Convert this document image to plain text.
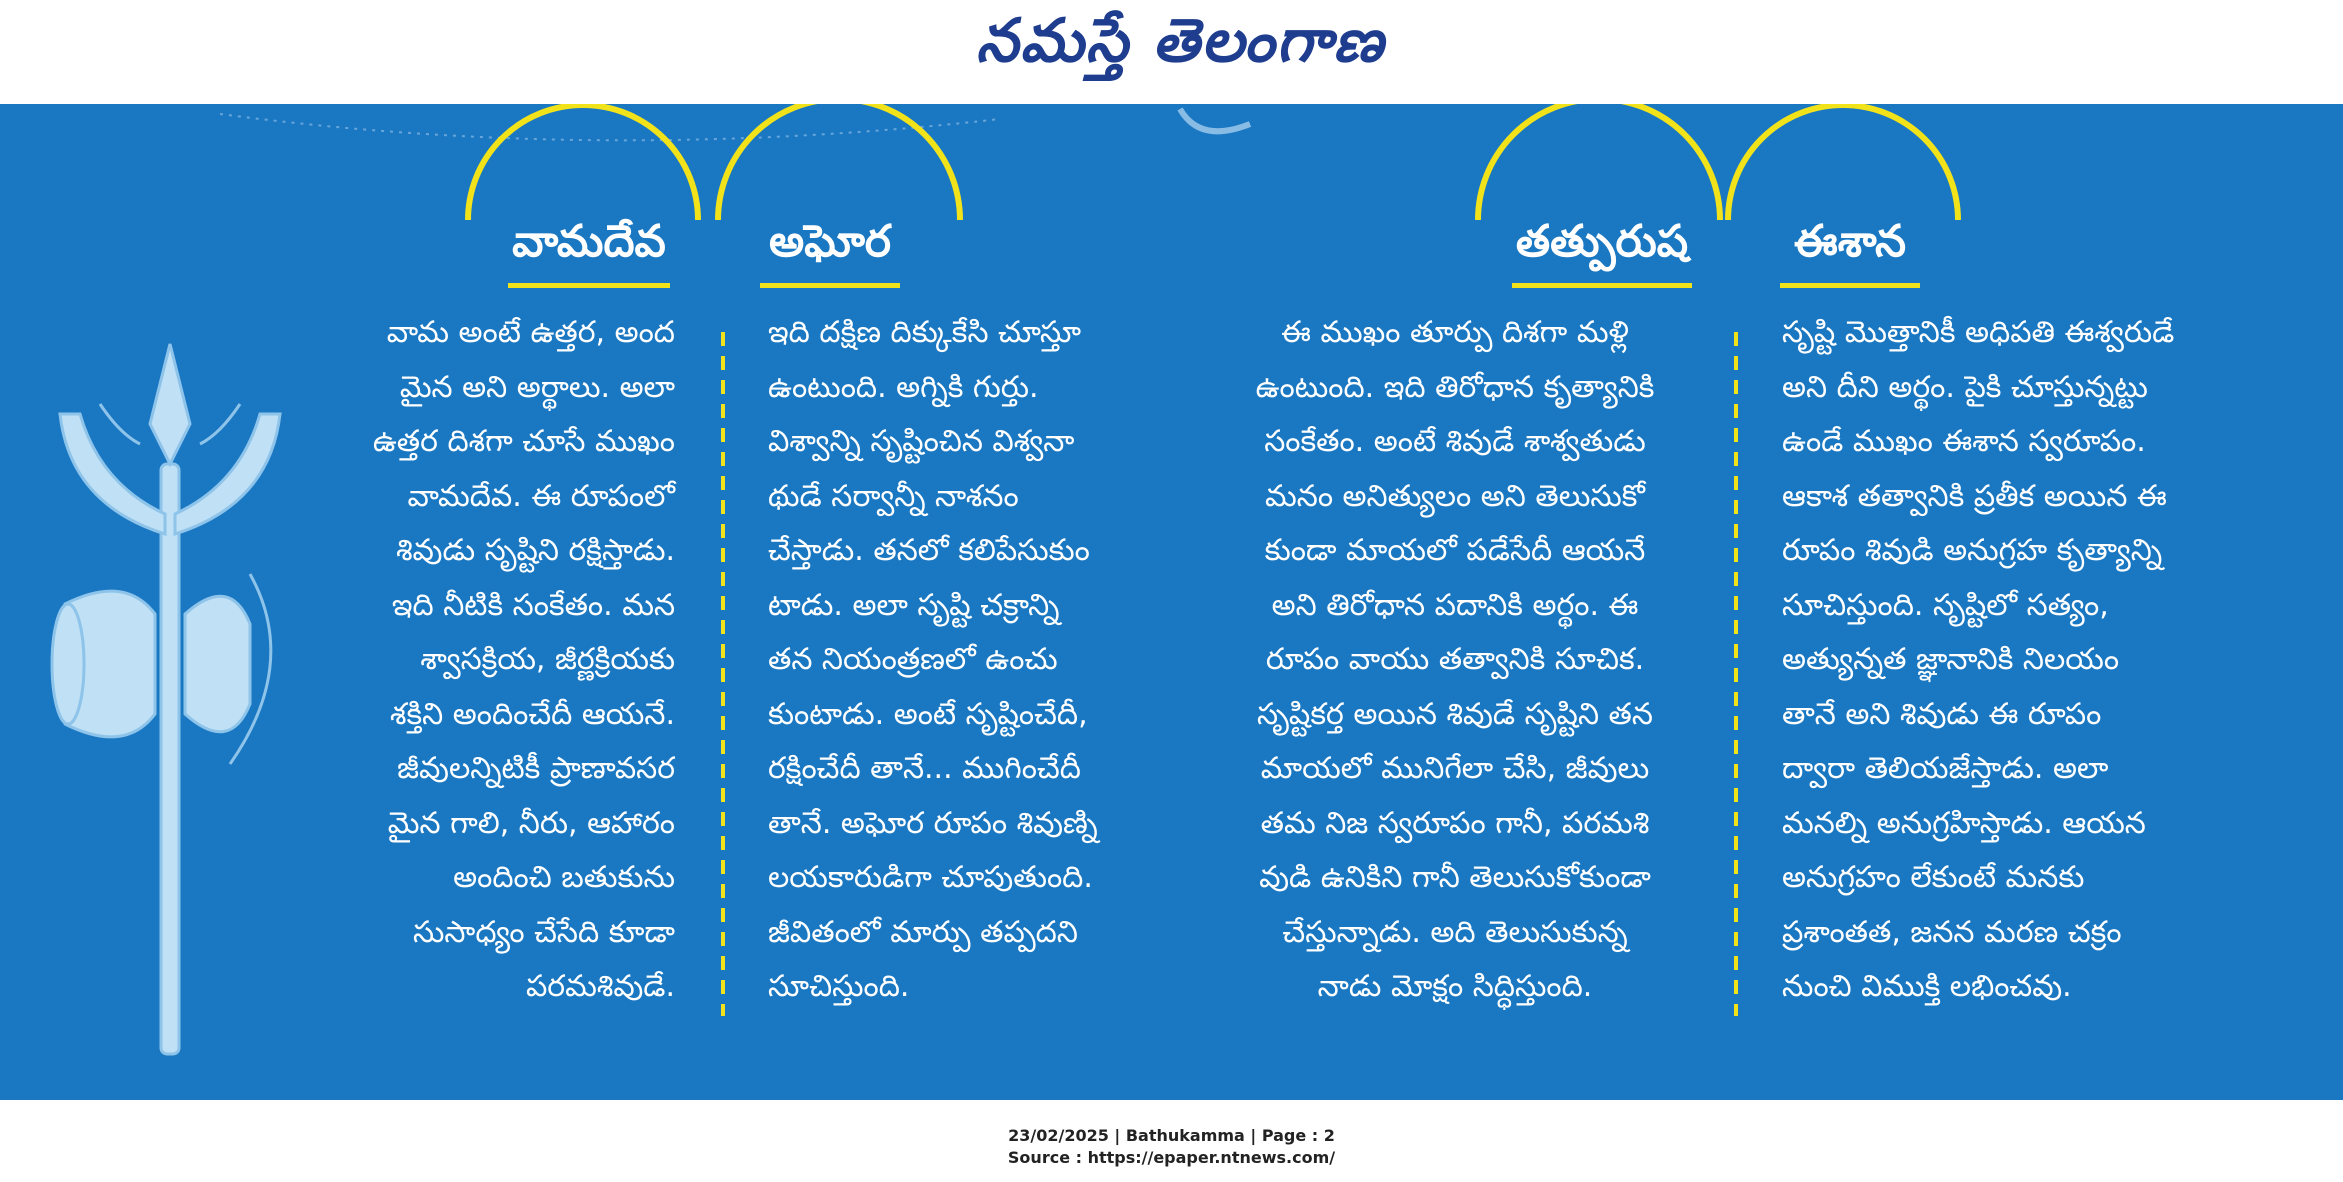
నమస్తే తెలంగాణ
వామదేవ అఘోర	తత్పురుష	ఈశాన
వామ అంటే ఉత్తర, అంద
మైన అని అర్థాలు. అలా
ఉత్తర దిశగా చూసే ముఖం
వామదేవ. ఈ రూపంలో
శివుడు సృష్టిని రక్షిస్తాడు.
ఇది నీటికి సంకేతం. మన
శ్వాసక్రియ, జీర్ణక్రియకు
శక్తిని అందించేదీ ఆయనే.
జీవులన్నిటికీ ప్రాణావసర
మైన గాలి, నీరు, ఆహారం
అందించి బతుకును
సుసాధ్యం చేసేది కూడా
పరమశివుడే.
ఇది దక్షిణ దిక్కుకేసి చూస్తూ
ఉంటుంది. అగ్నికి గుర్తు.
విశ్వాన్ని సృష్టించిన విశ్వనా
థుడే సర్వాన్నీ నాశనం
చేస్తాడు. తనలో కలిపేసుకుం
టాడు. అలా సృష్టి చక్రాన్ని
తన నియంత్రణలో ఉంచు
కుంటాడు. అంటే సృష్టించేదీ,
రక్షించేదీ తానే... ముగించేదీ
తానే. అఘోర రూపం శివుణ్ని
లయకారుడిగా చూపుతుంది.
జీవితంలో మార్పు తప్పదని
సూచిస్తుంది.
ఈ ముఖం తూర్పు దిశగా మళ్లి
ఉంటుంది. ఇది తిరోధాన కృత్యానికి
సంకేతం. అంటే శివుడే శాశ్వతుడు
మనం అనిత్యులం అని తెలుసుకో
కుండా మాయలో పడేసేదీ ఆయనే
అని తిరోధాన పదానికి అర్థం. ఈ
రూపం వాయు తత్వానికి సూచిక.
సృష్టికర్త అయిన శివుడే సృష్టిని తన
మాయలో మునిగేలా చేసి, జీవులు
తమ నిజ స్వరూపం గానీ, పరమశి
వుడి ఉనికిని గానీ తెలుసుకోకుండా
చేస్తున్నాడు. అది తెలుసుకున్న
నాడు మోక్షం సిద్ధిస్తుంది.
సృష్టి మొత్తానికీ అధిపతి ఈశ్వరుడే
అని దీని అర్థం. పైకి చూస్తున్నట్టు
ఉండే ముఖం ఈశాన స్వరూపం.
ఆకాశ తత్వానికి ప్రతీక అయిన ఈ
రూపం శివుడి అనుగ్రహ కృత్యాన్ని
సూచిస్తుంది. సృష్టిలో సత్యం,
అత్యున్నత జ్ఞానానికి నిలయం
తానే అని శివుడు ఈ రూపం
ద్వారా తెలియజేస్తాడు. అలా
మనల్ని అనుగ్రహిస్తాడు. ఆయన
అనుగ్రహం లేకుంటే మనకు
ప్రశాంతత, జనన మరణ చక్రం
నుంచి విముక్తి లభించవు.
23/02/2025 | Bathukamma | Page : 2
Source : https://epaper.ntnews.com/
